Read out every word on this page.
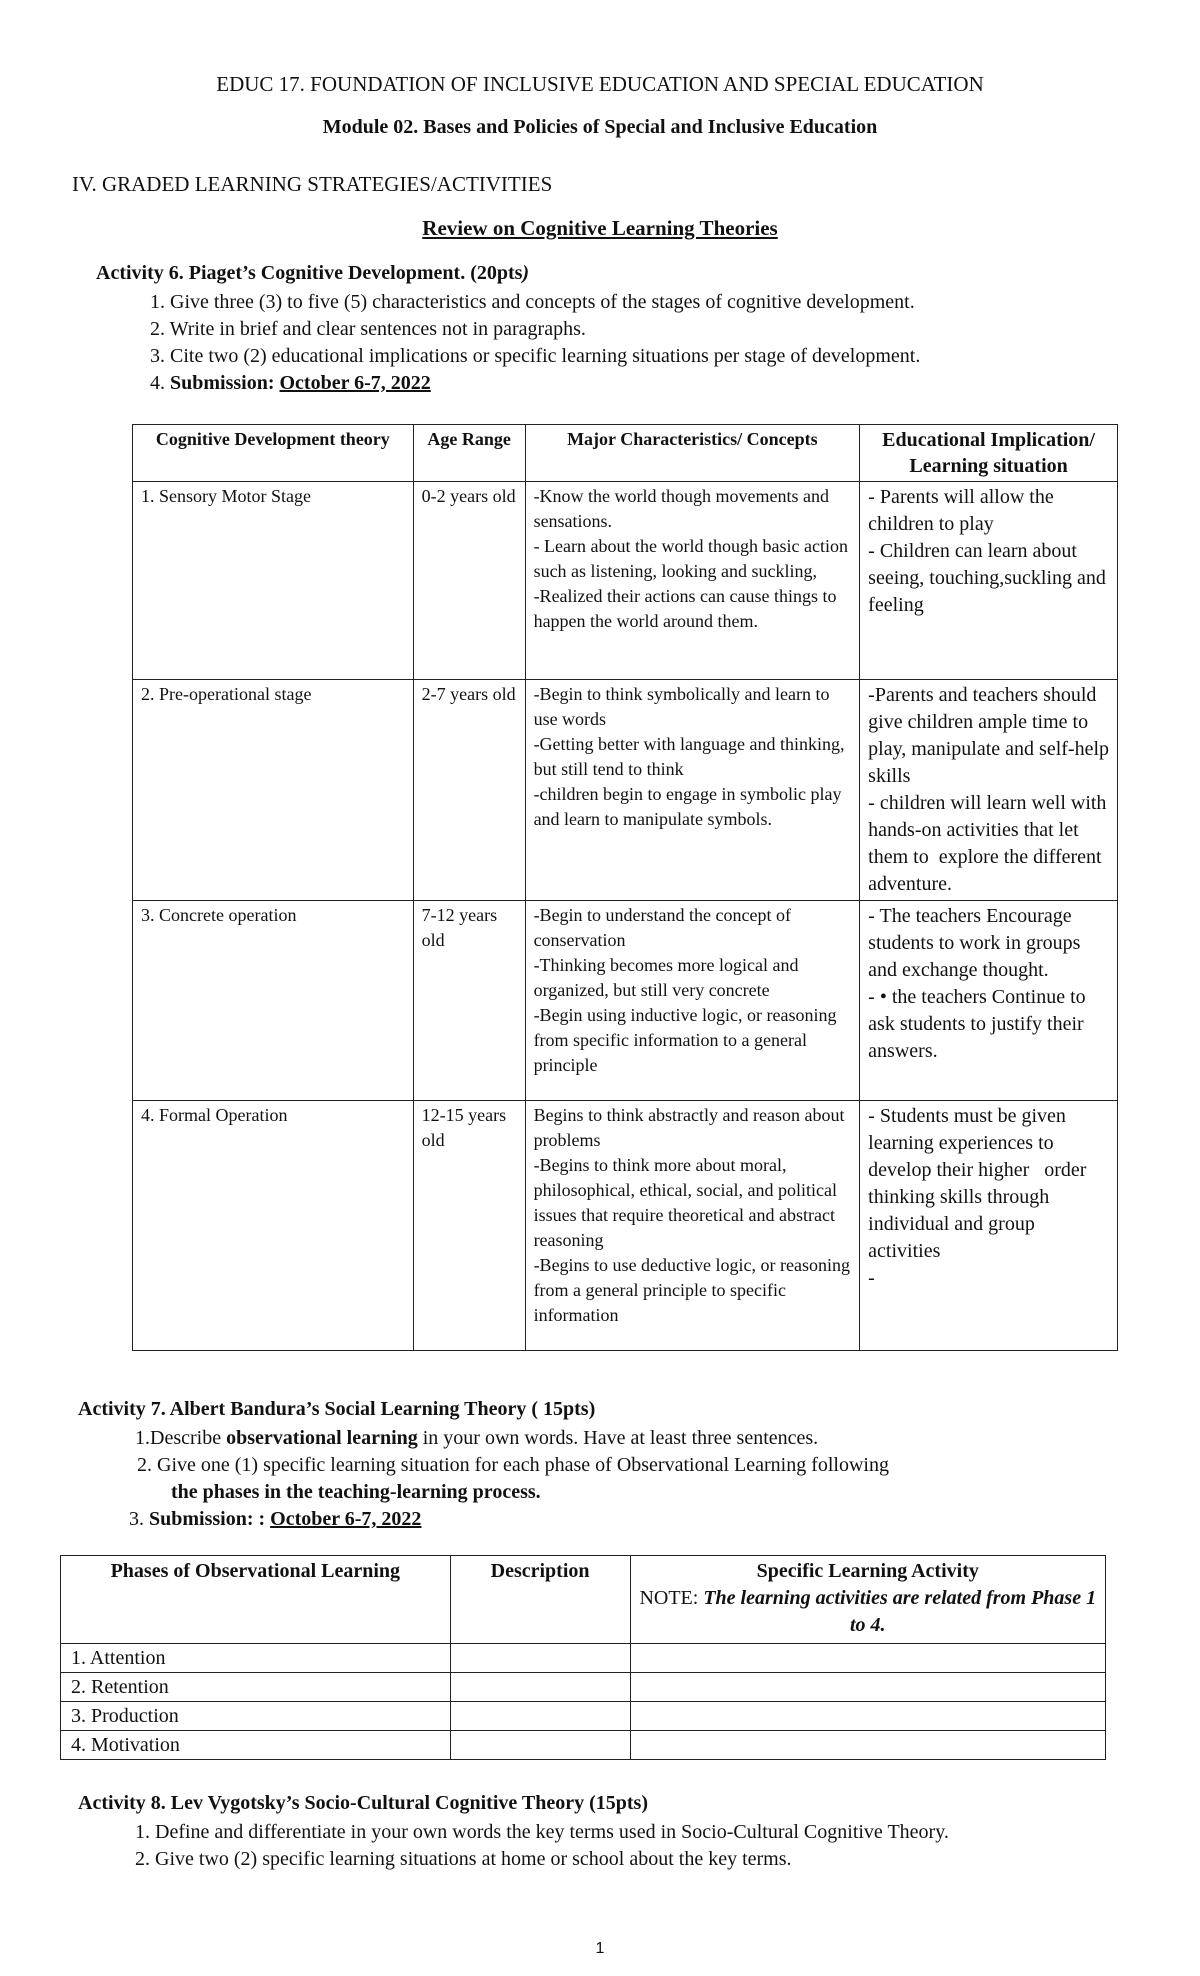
EDUC 17. FOUNDATION OF INCLUSIVE EDUCATION AND SPECIAL EDUCATION
Module 02. Bases and Policies of Special and Inclusive Education
IV. GRADED LEARNING STRATEGIES/ACTIVITIES
Review on Cognitive Learning Theories
Activity 6. Piaget’s Cognitive Development. (20pts)
1. Give three (3) to five (5) characteristics and concepts of the stages of cognitive development.
2. Write in brief and clear sentences not in paragraphs.
3. Cite two (2) educational implications or specific learning situations per stage of development.
4. Submission: October 6-7, 2022
Cognitive Development theory	Age Range	Major Characteristics/ Concepts	Educational Implication/ Learning situation
1. Sensory Motor Stage	0-2 years old	-Know the world though movements and sensations.
- Learn about the world though basic action such as listening, looking and suckling,
-Realized their actions can cause things to happen the world around them.	- Parents will allow the children to play
- Children can learn about seeing, touching,suckling and feeling
2. Pre-operational stage	2-7 years old	-Begin to think symbolically and learn to use words
-Getting better with language and thinking, but still tend to think
-children begin to engage in symbolic play and learn to manipulate symbols.	-Parents and teachers should give children ample time to play, manipulate and self-help skills
- children will learn well with hands-on activities that let them to  explore the different adventure.
3. Concrete operation	7-12 years old	-Begin to understand the concept of conservation
-Thinking becomes more logical and organized, but still very concrete
-Begin using inductive logic, or reasoning from specific information to a general principle	- The teachers Encourage students to work in groups and exchange thought.
- • the teachers Continue to ask students to justify their answers.
4. Formal Operation	12-15 years old	Begins to think abstractly and reason about problems
-Begins to think more about moral, philosophical, ethical, social, and political issues that require theoretical and abstract reasoning
-Begins to use deductive logic, or reasoning from a general principle to specific information	- Students must be given learning experiences to develop their higher   order thinking skills through individual and group activities
-
Activity 7. Albert Bandura’s Social Learning Theory ( 15pts)
1.Describe observational learning in your own words. Have at least three sentences.
2. Give one (1) specific learning situation for each phase of Observational Learning following
the phases in the teaching-learning process.
3. Submission: : October 6-7, 2022
Phases of Observational Learning	Description	Specific Learning Activity
NOTE: The learning activities are related from Phase 1 to 4.

1. Attention		
2. Retention		
3. Production		
4. Motivation		
Activity 8. Lev Vygotsky’s Socio-Cultural Cognitive Theory (15pts)
1. Define and differentiate in your own words the key terms used in Socio-Cultural Cognitive Theory.
2. Give two (2) specific learning situations at home or school about the key terms.
1
